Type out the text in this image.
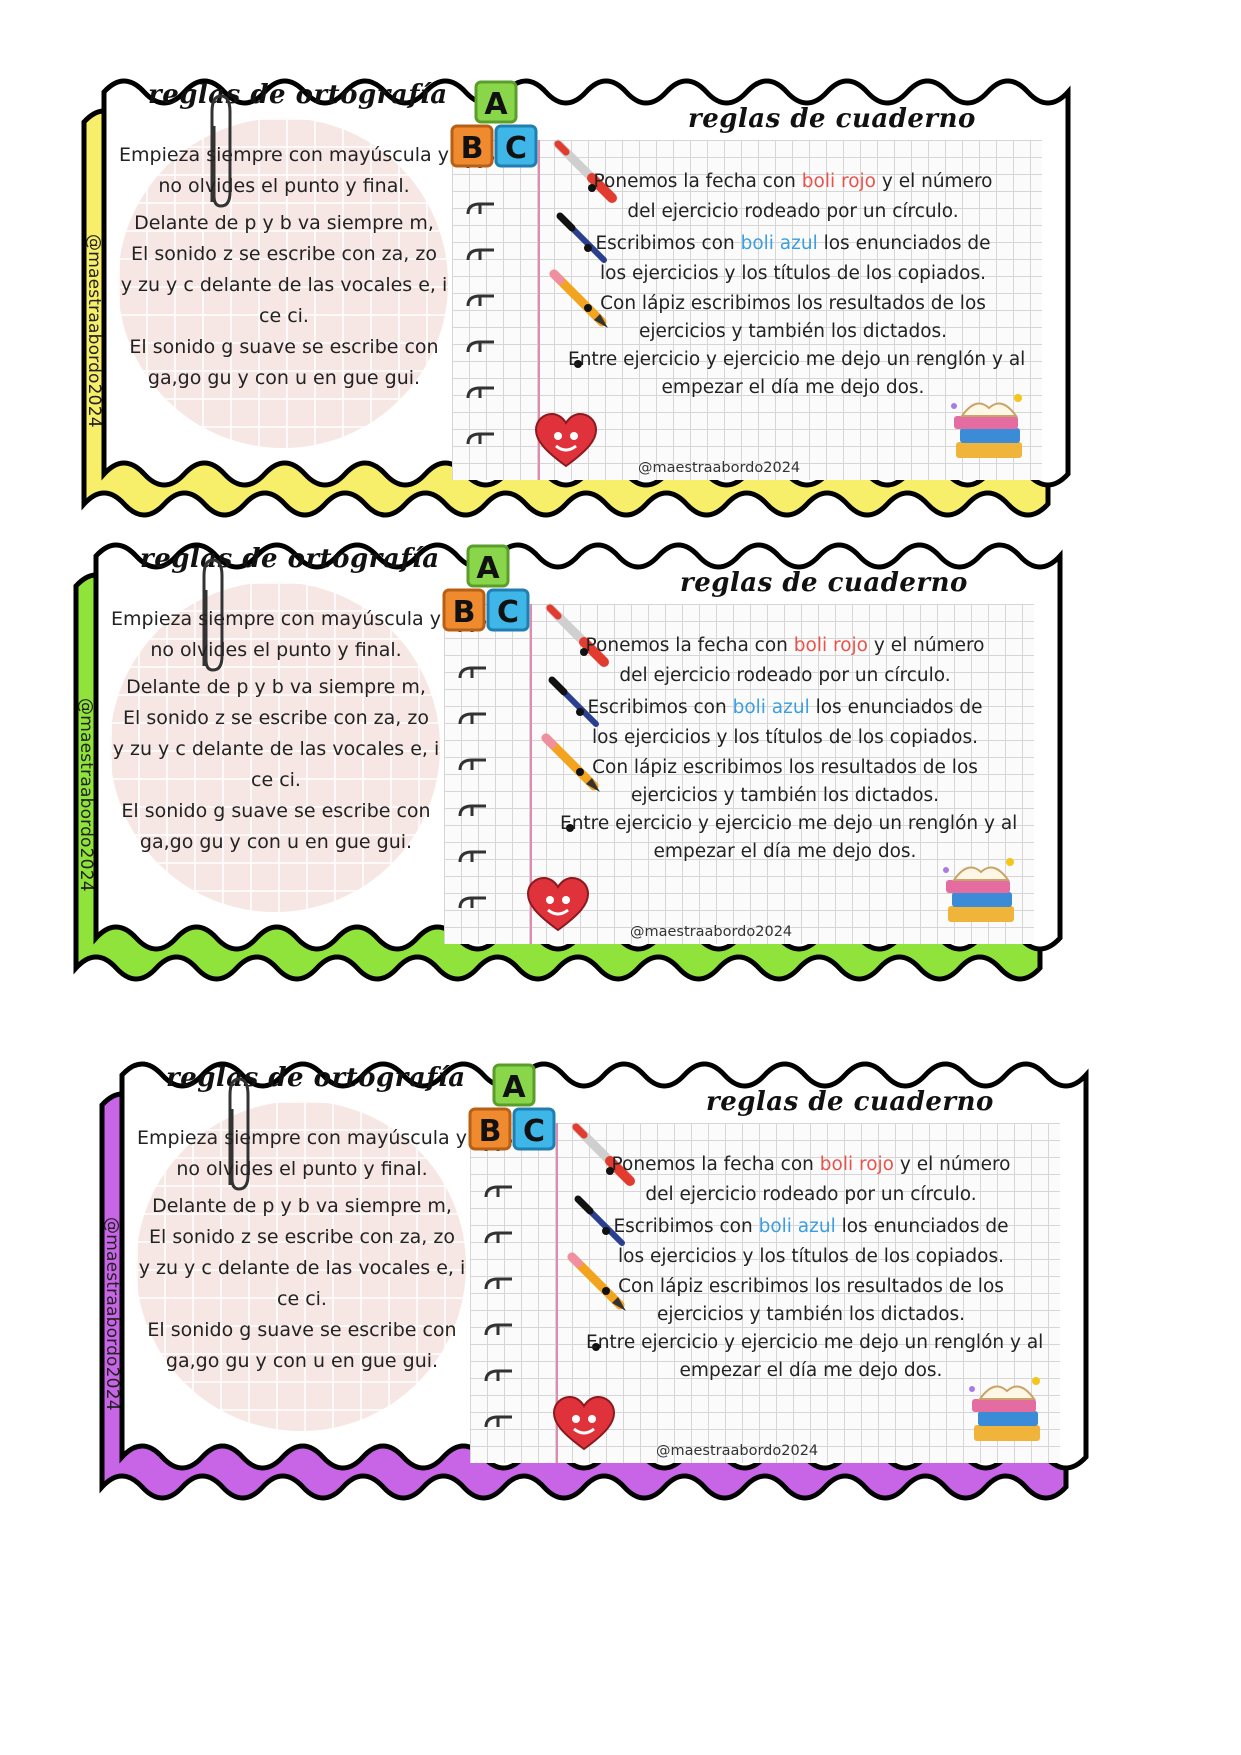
@maestraabordo2024
reglas de ortografía
Empieza siempre con mayúscula y
no olvides el punto y final.
Delante de p y b va siempre m,
El sonido z se escribe con za, zo
y zu y c delante de las vocales e, i
ce ci.
El sonido g suave se escribe con
ga,go gu y con u en gue gui.
A
B C
reglas de cuaderno
Ponemos la fecha con boli rojo y el número
del ejercicio rodeado por un círculo.
Escribimos con boli azul los enunciados de
los ejercicios y los títulos de los copiados.
Con lápiz escribimos los resultados de los
ejercicios y también los dictados.
Entre ejercicio y ejercicio me dejo un renglón y al
empezar el día me dejo dos.
@maestraabordo2024
@maestraabordo2024
reglas de ortografía
Empieza siempre con mayúscula y
no olvides el punto y final.
Delante de p y b va siempre m,
El sonido z se escribe con za, zo
y zu y c delante de las vocales e, i
ce ci.
El sonido g suave se escribe con
ga,go gu y con u en gue gui.
A
B C
reglas de cuaderno
Ponemos la fecha con boli rojo y el número
del ejercicio rodeado por un círculo.
Escribimos con boli azul los enunciados de
los ejercicios y los títulos de los copiados.
Con lápiz escribimos los resultados de los
ejercicios y también los dictados.
Entre ejercicio y ejercicio me dejo un renglón y al
empezar el día me dejo dos.
@maestraabordo2024
@maestraabordo2024
reglas de ortografía
Empieza siempre con mayúscula y
no olvides el punto y final.
Delante de p y b va siempre m,
El sonido z se escribe con za, zo
y zu y c delante de las vocales e, i
ce ci.
El sonido g suave se escribe con
ga,go gu y con u en gue gui.
A
B C
reglas de cuaderno
Ponemos la fecha con boli rojo y el número
del ejercicio rodeado por un círculo.
Escribimos con boli azul los enunciados de
los ejercicios y los títulos de los copiados.
Con lápiz escribimos los resultados de los
ejercicios y también los dictados.
Entre ejercicio y ejercicio me dejo un renglón y al
empezar el día me dejo dos.
@maestraabordo2024
